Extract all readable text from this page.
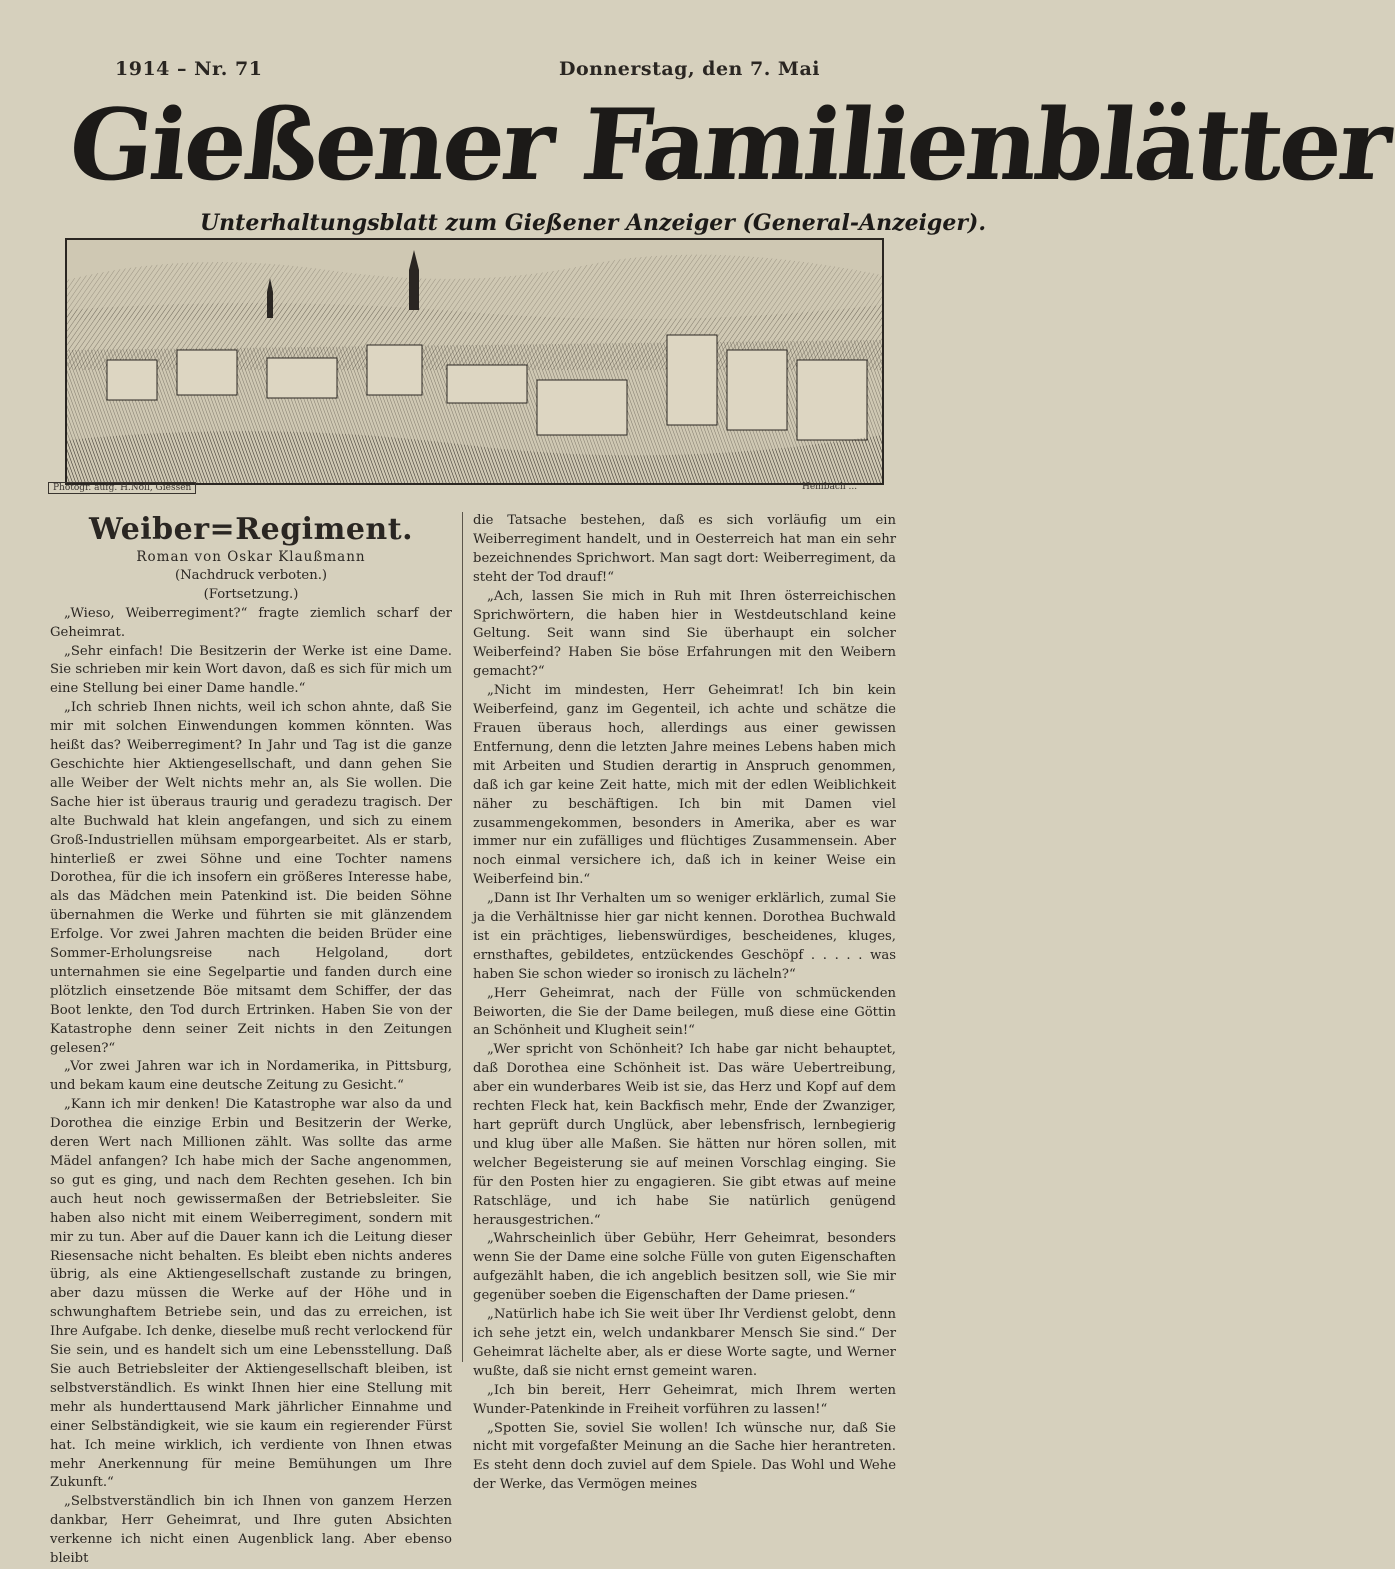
1914 – Nr. 71	Donnerstag, den 7. Mai
Gießener Familienblätter
Unterhaltungsblatt zum Gießener Anzeiger (General-Anzeiger).
Photogr. aufg. H.Noll, Giessen	Hembach ...
Weiber=Regiment.
Roman von Oskar Klaußmann
(Nachdruck verboten.)
(Fortsetzung.)

„Wieso, Weiberregiment?“ fragte ziemlich scharf der Geheimrat.

„Sehr einfach! Die Besitzerin der Werke ist eine Dame. Sie schrieben mir kein Wort davon, daß es sich für mich um eine Stellung bei einer Dame handle.“

„Ich schrieb Ihnen nichts, weil ich schon ahnte, daß Sie mir mit solchen Einwendungen kommen könnten. Was heißt das? Weiberregiment? In Jahr und Tag ist die ganze Geschichte hier Aktiengesellschaft, und dann gehen Sie alle Weiber der Welt nichts mehr an, als Sie wollen. Die Sache hier ist überaus traurig und geradezu tragisch. Der alte Buchwald hat klein angefangen, und sich zu einem Groß-Industriellen mühsam emporgearbeitet. Als er starb, hinterließ er zwei Söhne und eine Tochter namens Dorothea, für die ich insofern ein größeres Interesse habe, als das Mädchen mein Patenkind ist. Die beiden Söhne übernahmen die Werke und führten sie mit glänzendem Erfolge. Vor zwei Jahren machten die beiden Brüder eine Sommer-Erholungsreise nach Helgoland, dort unternahmen sie eine Segelpartie und fanden durch eine plötzlich einsetzende Böe mitsamt dem Schiffer, der das Boot lenkte, den Tod durch Ertrinken. Haben Sie von der Katastrophe denn seiner Zeit nichts in den Zeitungen gelesen?“

„Vor zwei Jahren war ich in Nordamerika, in Pittsburg, und bekam kaum eine deutsche Zeitung zu Gesicht.“

„Kann ich mir denken! Die Katastrophe war also da und Dorothea die einzige Erbin und Besitzerin der Werke, deren Wert nach Millionen zählt. Was sollte das arme Mädel anfangen? Ich habe mich der Sache angenommen, so gut es ging, und nach dem Rechten gesehen. Ich bin auch heut noch gewissermaßen der Betriebsleiter. Sie haben also nicht mit einem Weiberregiment, sondern mit mir zu tun. Aber auf die Dauer kann ich die Leitung dieser Riesensache nicht behalten. Es bleibt eben nichts anderes übrig, als eine Aktiengesellschaft zustande zu bringen, aber dazu müssen die Werke auf der Höhe und in schwunghaftem Betriebe sein, und das zu erreichen, ist Ihre Aufgabe. Ich denke, dieselbe muß recht verlockend für Sie sein, und es handelt sich um eine Lebensstellung. Daß Sie auch Betriebsleiter der Aktiengesellschaft bleiben, ist selbstverständlich. Es winkt Ihnen hier eine Stellung mit mehr als hunderttausend Mark jährlicher Einnahme und einer Selbständigkeit, wie sie kaum ein regierender Fürst hat. Ich meine wirklich, ich verdiente von Ihnen etwas mehr Anerkennung für meine Bemühungen um Ihre Zukunft.“

„Selbstverständlich bin ich Ihnen von ganzem Herzen dankbar, Herr Geheimrat, und Ihre guten Absichten verkenne ich nicht einen Augenblick lang. Aber ebenso bleibt

die Tatsache bestehen, daß es sich vorläufig um ein Weiberregiment handelt, und in Oesterreich hat man ein sehr bezeichnendes Sprichwort. Man sagt dort: Weiberregiment, da steht der Tod drauf!“

„Ach, lassen Sie mich in Ruh mit Ihren österreichischen Sprichwörtern, die haben hier in Westdeutschland keine Geltung. Seit wann sind Sie überhaupt ein solcher Weiberfeind? Haben Sie böse Erfahrungen mit den Weibern gemacht?“

„Nicht im mindesten, Herr Geheimrat! Ich bin kein Weiberfeind, ganz im Gegenteil, ich achte und schätze die Frauen überaus hoch, allerdings aus einer gewissen Entfernung, denn die letzten Jahre meines Lebens haben mich mit Arbeiten und Studien derartig in Anspruch genommen, daß ich gar keine Zeit hatte, mich mit der edlen Weiblichkeit näher zu beschäftigen. Ich bin mit Damen viel zusammengekommen, besonders in Amerika, aber es war immer nur ein zufälliges und flüchtiges Zusammensein. Aber noch einmal versichere ich, daß ich in keiner Weise ein Weiberfeind bin.“

„Dann ist Ihr Verhalten um so weniger erklärlich, zumal Sie ja die Verhältnisse hier gar nicht kennen. Dorothea Buchwald ist ein prächtiges, liebenswürdiges, bescheidenes, kluges, ernsthaftes, gebildetes, entzückendes Geschöpf . . . . . was haben Sie schon wieder so ironisch zu lächeln?“

„Herr Geheimrat, nach der Fülle von schmückenden Beiworten, die Sie der Dame beilegen, muß diese eine Göttin an Schönheit und Klugheit sein!“

„Wer spricht von Schönheit? Ich habe gar nicht behauptet, daß Dorothea eine Schönheit ist. Das wäre Uebertreibung, aber ein wunderbares Weib ist sie, das Herz und Kopf auf dem rechten Fleck hat, kein Backfisch mehr, Ende der Zwanziger, hart geprüft durch Unglück, aber lebensfrisch, lernbegierig und klug über alle Maßen. Sie hätten nur hören sollen, mit welcher Begeisterung sie auf meinen Vorschlag einging. Sie für den Posten hier zu engagieren. Sie gibt etwas auf meine Ratschläge, und ich habe Sie natürlich genügend herausgestrichen.“

„Wahrscheinlich über Gebühr, Herr Geheimrat, besonders wenn Sie der Dame eine solche Fülle von guten Eigenschaften aufgezählt haben, die ich angeblich besitzen soll, wie Sie mir gegenüber soeben die Eigenschaften der Dame priesen.“

„Natürlich habe ich Sie weit über Ihr Verdienst gelobt, denn ich sehe jetzt ein, welch undankbarer Mensch Sie sind.“ Der Geheimrat lächelte aber, als er diese Worte sagte, und Werner wußte, daß sie nicht ernst gemeint waren.

„Ich bin bereit, Herr Geheimrat, mich Ihrem werten Wunder-Patenkinde in Freiheit vorführen zu lassen!“

„Spotten Sie, soviel Sie wollen! Ich wünsche nur, daß Sie nicht mit vorgefaßter Meinung an die Sache hier herantreten. Es steht denn doch zuviel auf dem Spiele. Das Wohl und Wehe der Werke, das Vermögen meines
